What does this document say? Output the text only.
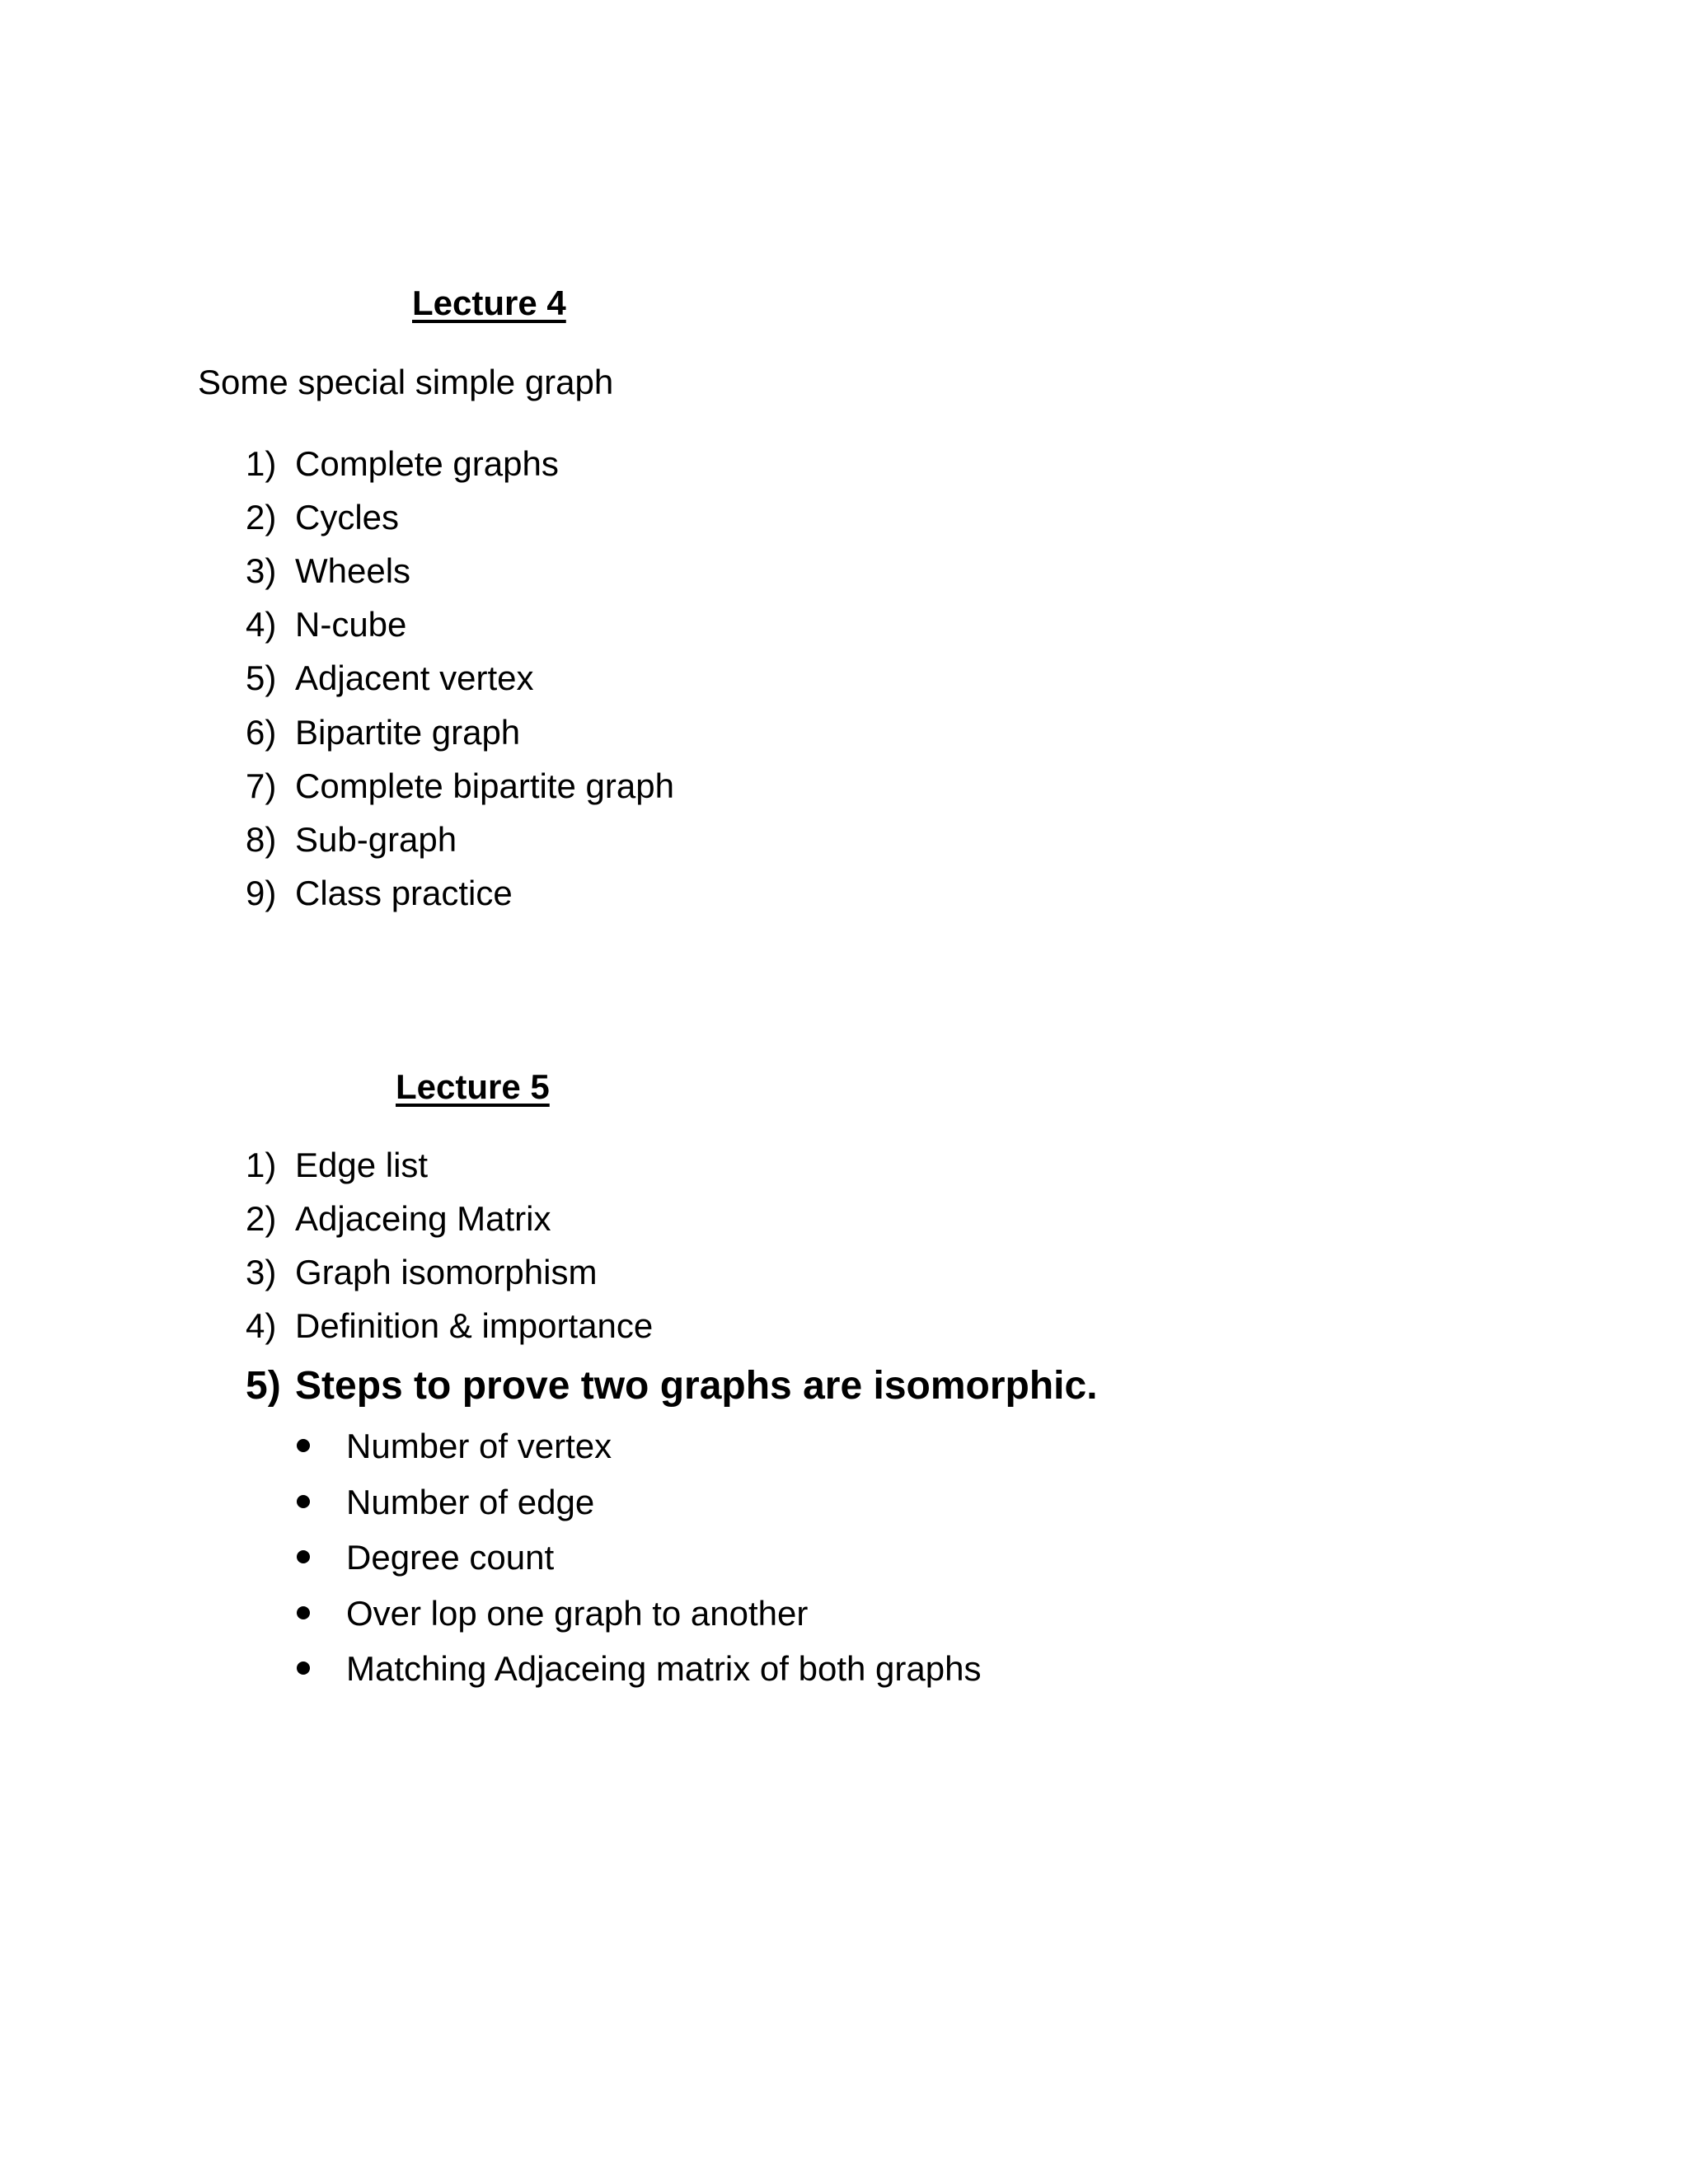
Lecture 4
Some special simple graph
1) Complete graphs
2) Cycles
3) Wheels
4) N-cube
5) Adjacent vertex
6) Bipartite graph
7) Complete bipartite graph
8) Sub-graph
9) Class practice
Lecture 5
1) Edge list
2) Adjaceing Matrix
3) Graph isomorphism
4) Definition & importance
5) Steps to prove two graphs are isomorphic.
Number of vertex
Number of edge
Degree count
Over lop one graph to another
Matching Adjaceing matrix of both graphs
